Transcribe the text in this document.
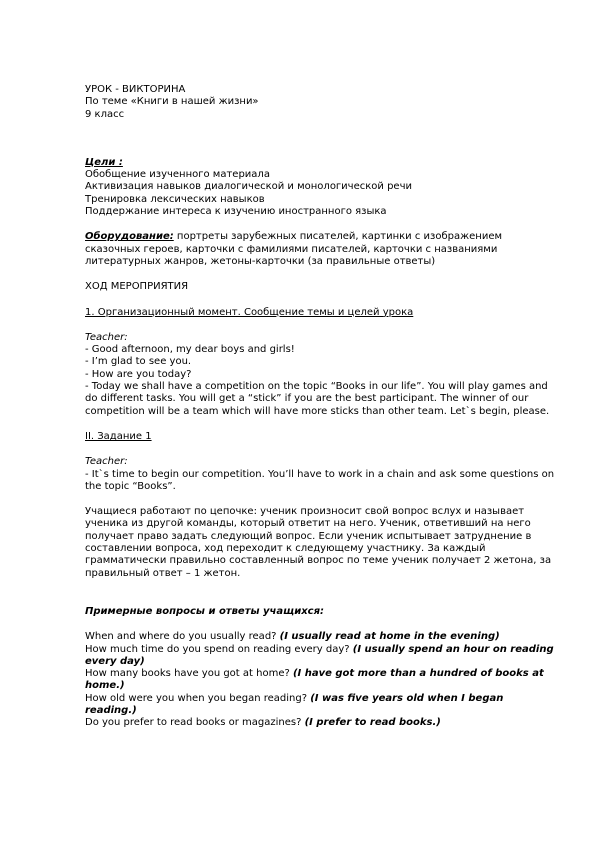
УРОК - ВИКТОРИНА

По теме «Книги в нашей жизни»

9 класс

Цели :

Обобщение изученного материала

Активизация навыков диалогической и монологической речи

Тренировка лексических навыков

Поддержание интереса к изучению иностранного языка

Оборудование: портреты зарубежных писателей, картинки с изображением сказочных героев, карточки с фамилиями писателей, карточки с названиями литературных жанров, жетоны-карточки (за правильные ответы)

ХОД МЕРОПРИЯТИЯ

1. Организационный момент. Сообщение темы и целей урока

Teacher:

- Good afternoon, my dear boys and girls!

- I’m glad to see you.

- How are you today?

- Today we shall have a competition on the topic “Books in our life”. You will play games and do different tasks. You will get a “stick” if you are the best participant. The winner of our competition will be a team which will have more sticks than other team. Let`s begin, please.

II. Задание 1

Teacher:

- It`s time to begin our competition. You’ll have to work in a chain and ask some questions on the topic “Books”.

Учащиеся работают по цепочке: ученик произносит свой вопрос вслух и называет ученика из другой команды, который ответит на него. Ученик, ответивший на него получает право задать следующий вопрос. Если ученик испытывает затруднение в составлении вопроса, ход переходит к следующему участнику. За каждый грамматически правильно составленный вопрос по теме ученик получает 2 жетона, за правильный ответ – 1 жетон.

Примерные вопросы и ответы учащихся:

When and where do you usually read? (I usually read at home in the evening)

How much time do you spend on reading every day? (I usually spend an hour on reading every day)

How many books have you got at home? (I have got more than a hundred of books at home.)

How old were you when you began reading? (I was five years old when I began reading.)

Do you prefer to read books or magazines? (I prefer to read books.)
